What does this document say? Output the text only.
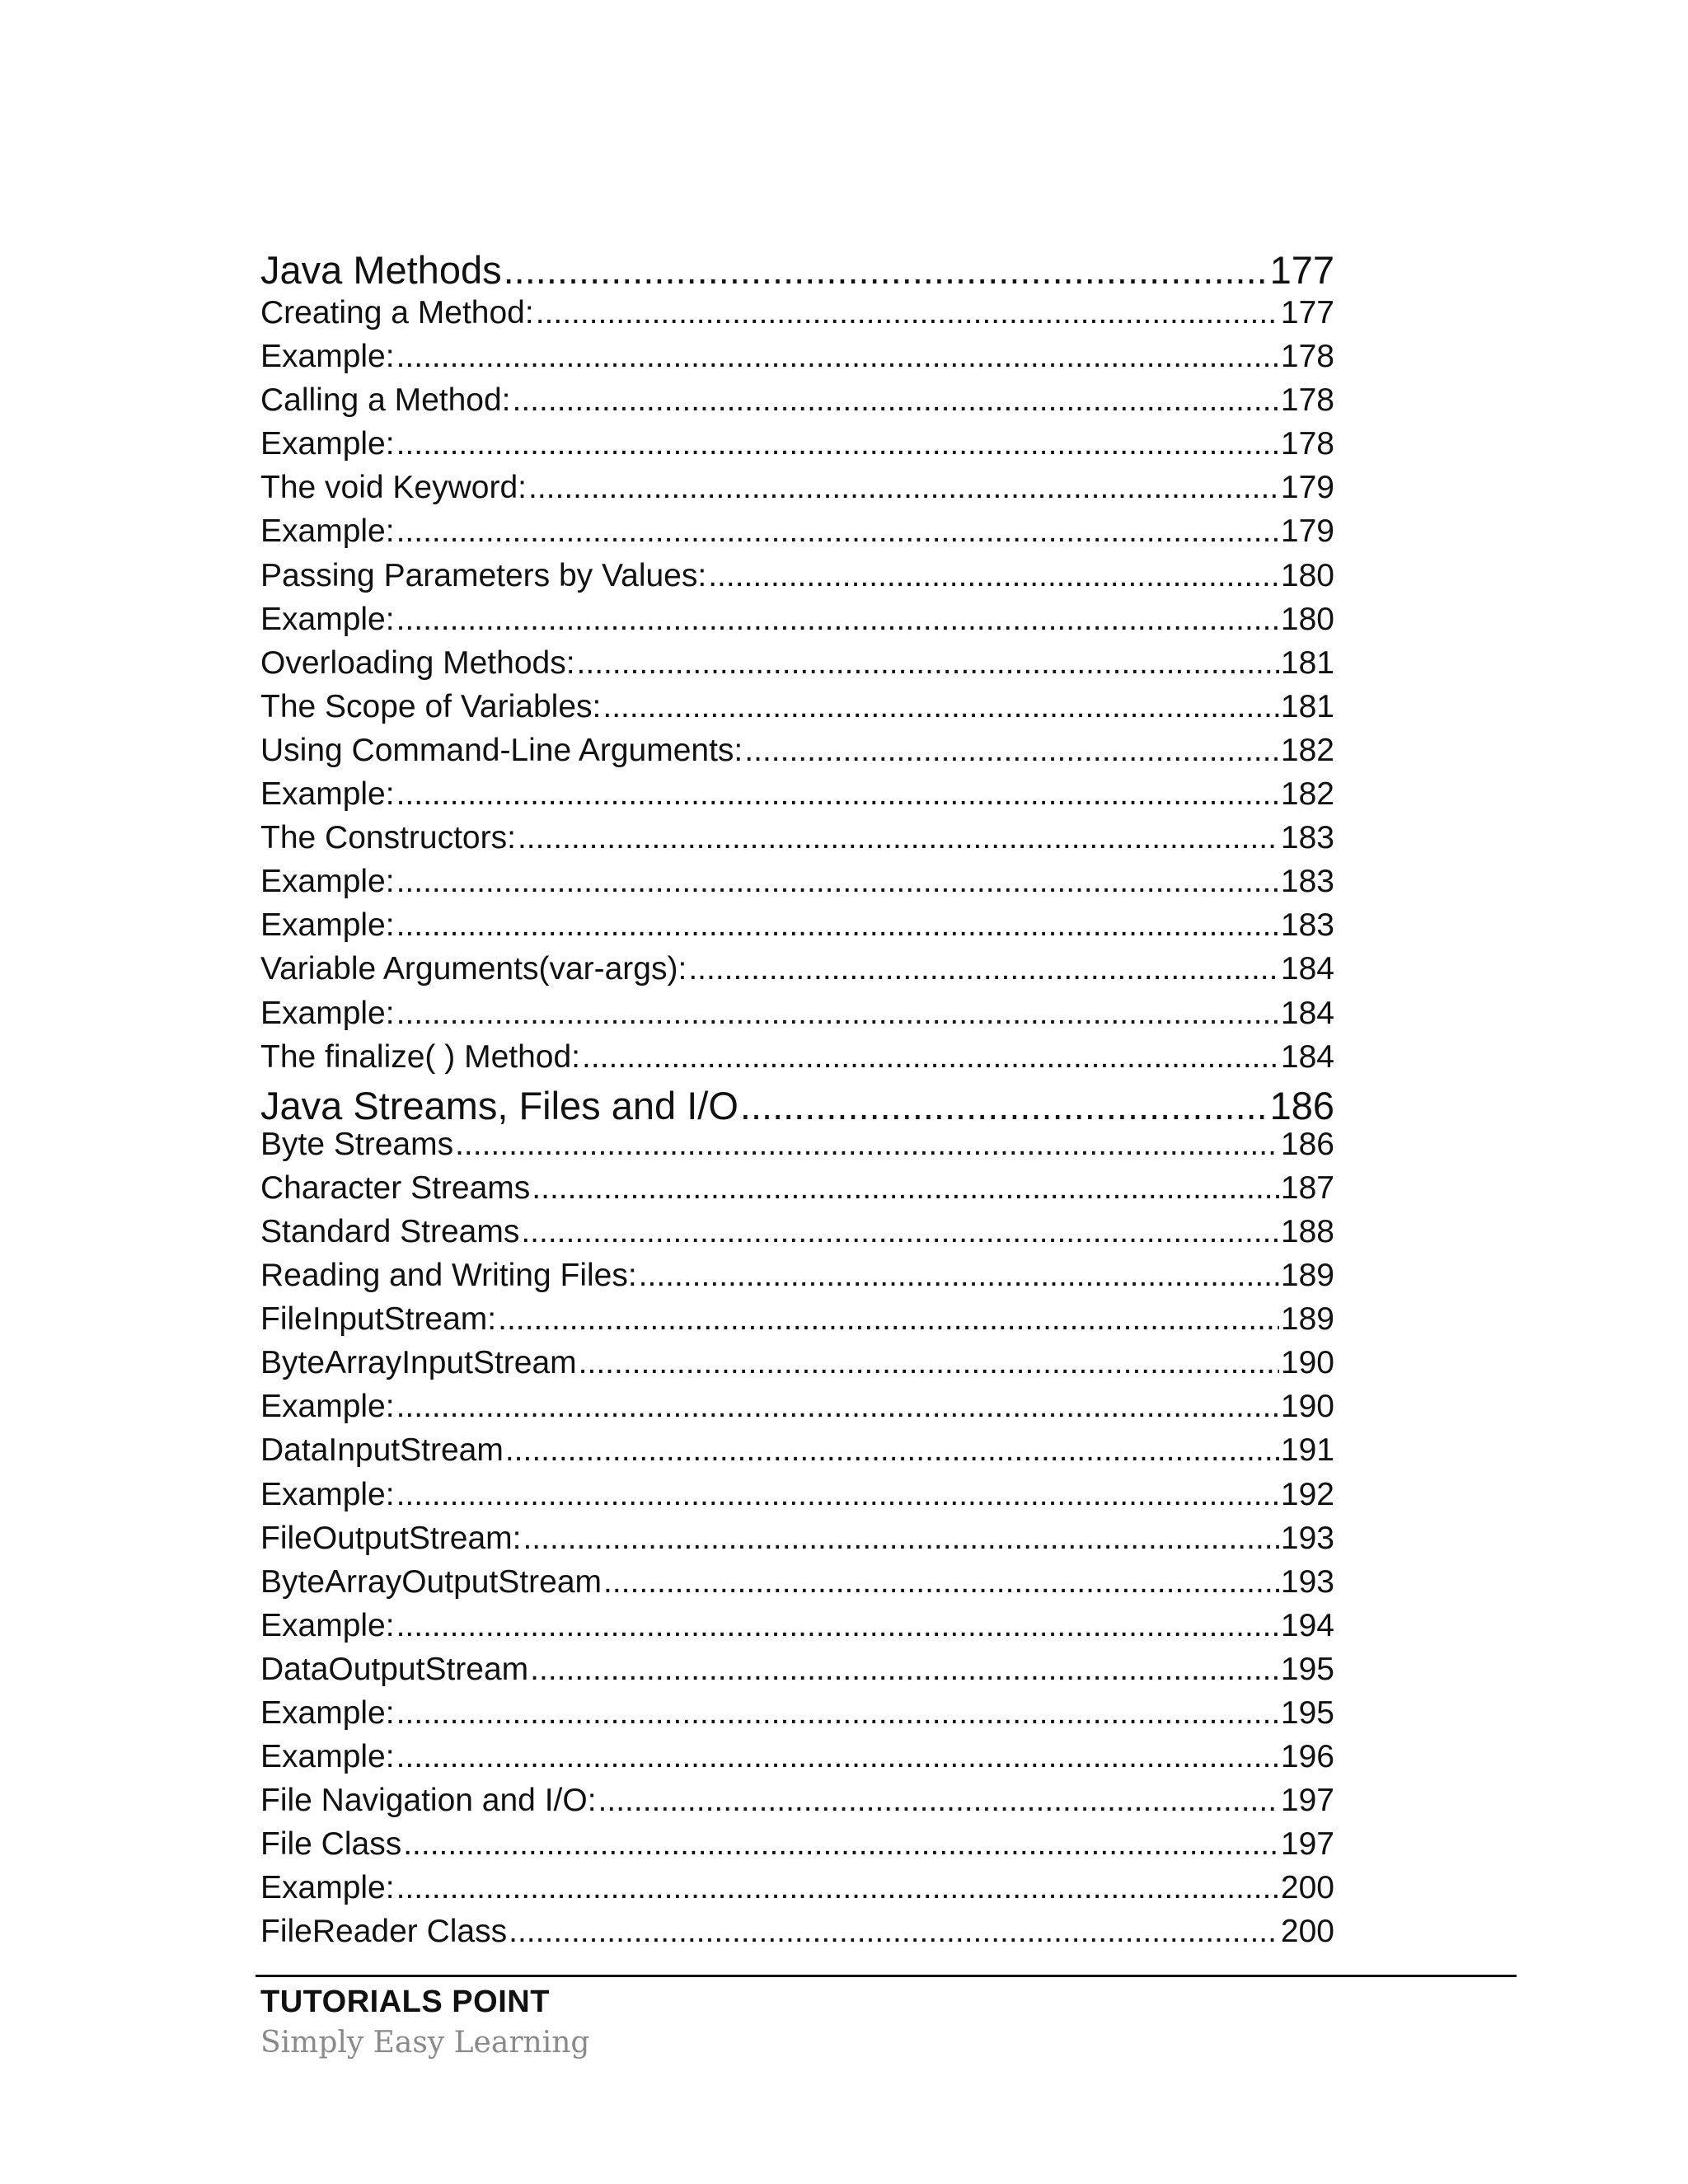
Java Methods .....	177
Creating a Method: .....	177
Example: .....	178
Calling a Method: .....	178
Example: .....	178
The void Keyword: .....	179
Example: .....	179
Passing Parameters by Values: .....	180
Example: .....	180
Overloading Methods: .....	181
The Scope of Variables: .....	181
Using Command-Line Arguments: .....	182
Example: .....	182
The Constructors: .....	183
Example: .....	183
Example: .....	183
Variable Arguments(var-args): .....	184
Example: .....	184
The finalize( ) Method: .....	184
Java Streams, Files and I/O .....	186
Byte Streams .....	186
Character Streams .....	187
Standard Streams .....	188
Reading and Writing Files: .....	189
FileInputStream: .....	189
ByteArrayInputStream .....	190
Example: .....	190
DataInputStream .....	191
Example: .....	192
FileOutputStream: .....	193
ByteArrayOutputStream .....	193
Example: .....	194
DataOutputStream .....	195
Example: .....	195
Example: .....	196
File Navigation and I/O: .....	197
File Class .....	197
Example: .....	200
FileReader Class .....	200
TUTORIALS POINT
Simply Easy Learning
